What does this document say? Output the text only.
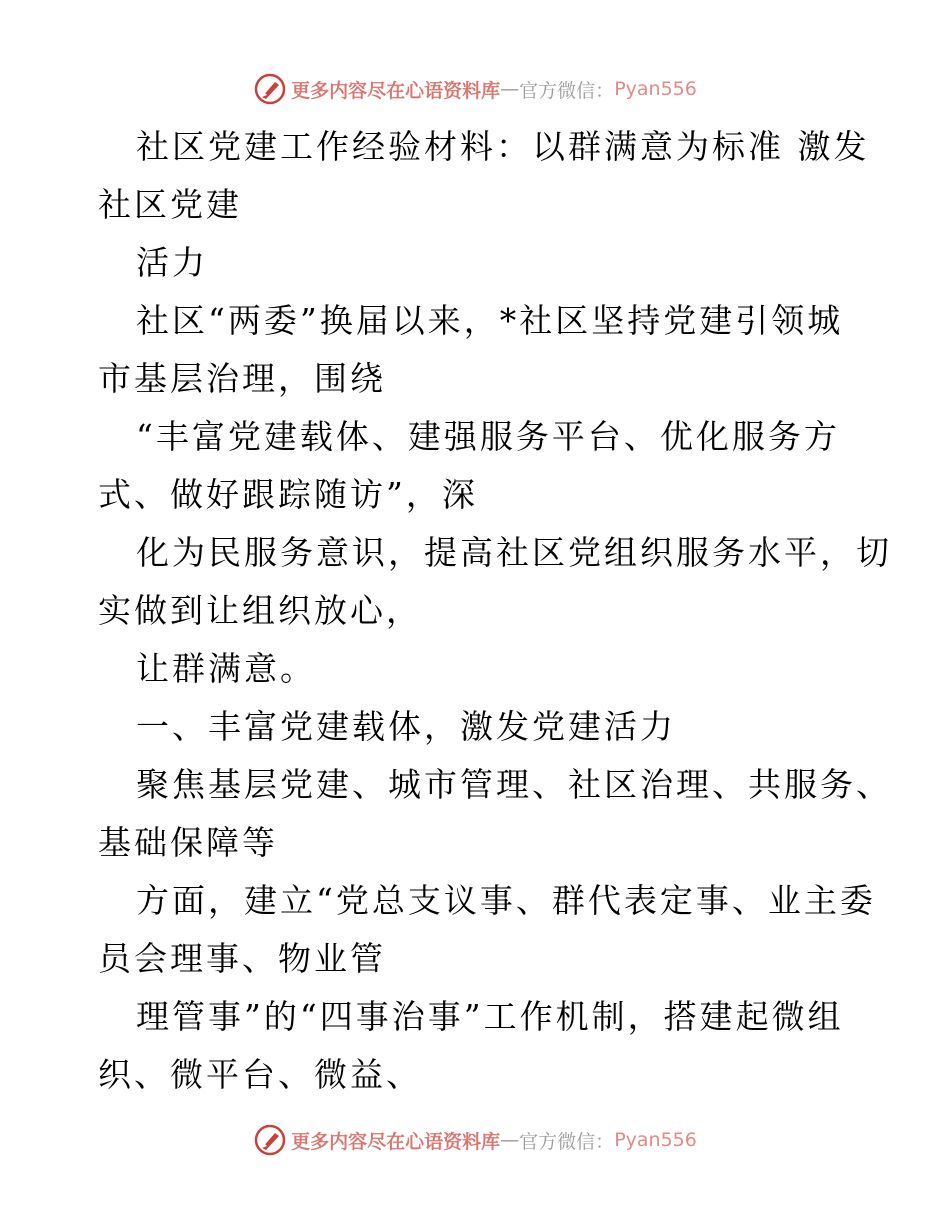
更多内容尽在心语资料库 — 官方微信： Pyan556
社区党建工作经验材料：以群满意为标准 激发
社区党建
活力
社区“两委”换届以来，*社区坚持党建引领城
市基层治理，围绕
“丰富党建载体、建强服务平台、优化服务方
式、做好跟踪随访”，深
化为民服务意识，提高社区党组织服务水平，切
实做到让组织放心，
让群满意。
一、丰富党建载体，激发党建活力
聚焦基层党建、城市管理、社区治理、共服务、
基础保障等
方面，建立“党总支议事、群代表定事、业主委
员会理事、物业管
理管事”的“四事治事”工作机制，搭建起微组
织、微平台、微益、
更多内容尽在心语资料库 — 官方微信： Pyan556
